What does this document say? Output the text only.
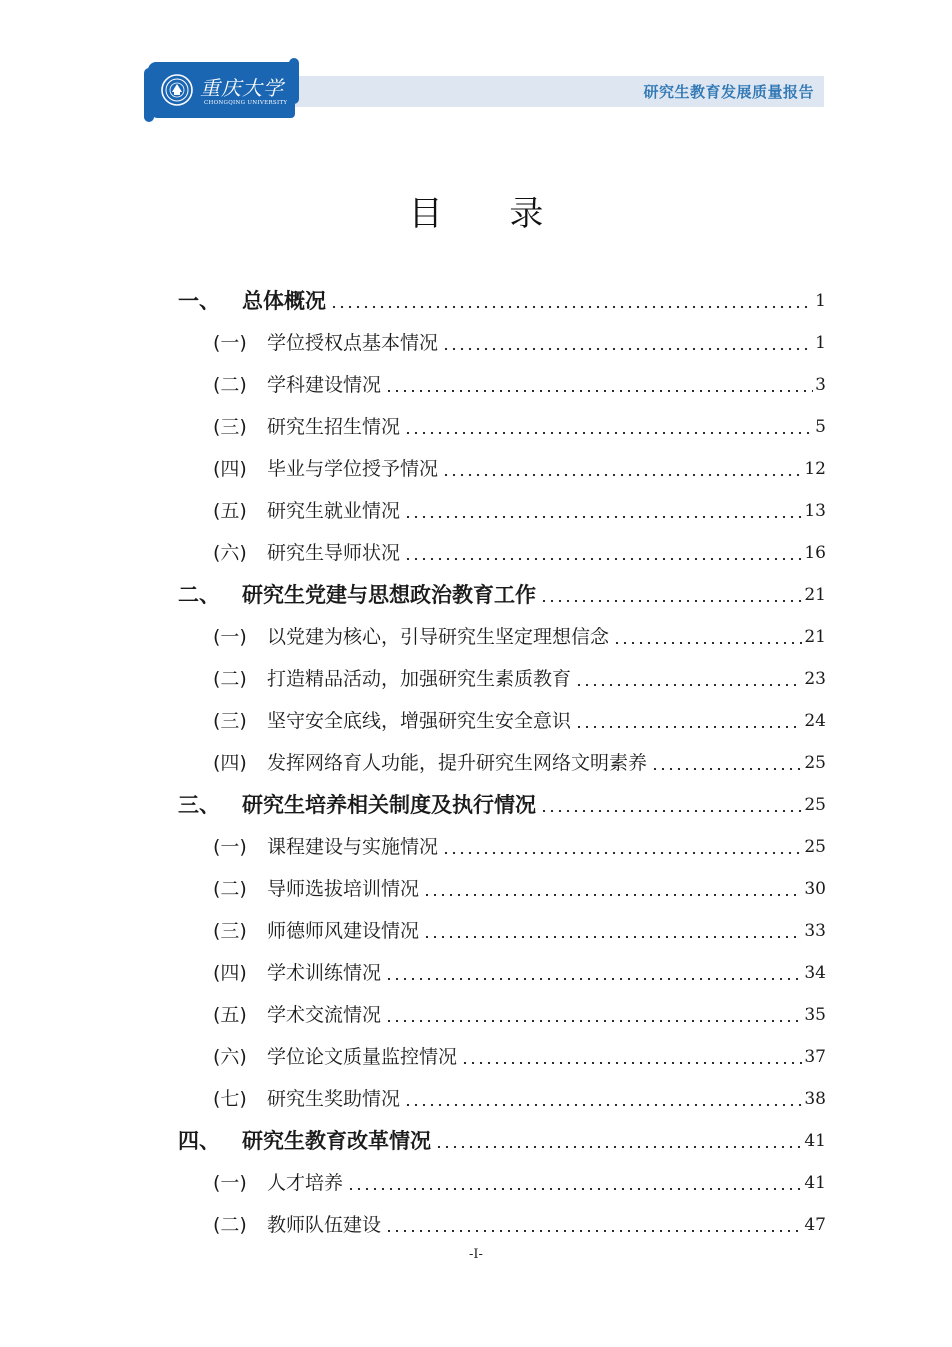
研究生教育发展质量报告
重庆大学
CHONGQING UNIVERSITY
目 录
一、	总体概况	1
(一)	学位授权点基本情况	1
(二)	学科建设情况	3
(三)	研究生招生情况	5
(四)	毕业与学位授予情况	12
(五)	研究生就业情况	13
(六)	研究生导师状况	16
二、	研究生党建与思想政治教育工作	21
(一)	以党建为核心，引导研究生坚定理想信念	21
(二)	打造精品活动，加强研究生素质教育	23
(三)	坚守安全底线，增强研究生安全意识	24
(四)	发挥网络育人功能，提升研究生网络文明素养	25
三、	研究生培养相关制度及执行情况	25
(一)	课程建设与实施情况	25
(二)	导师选拔培训情况	30
(三)	师德师风建设情况	33
(四)	学术训练情况	34
(五)	学术交流情况	35
(六)	学位论文质量监控情况	37
(七)	研究生奖助情况	38
四、	研究生教育改革情况	41
(一)	人才培养	41
(二)	教师队伍建设	47
-I-
